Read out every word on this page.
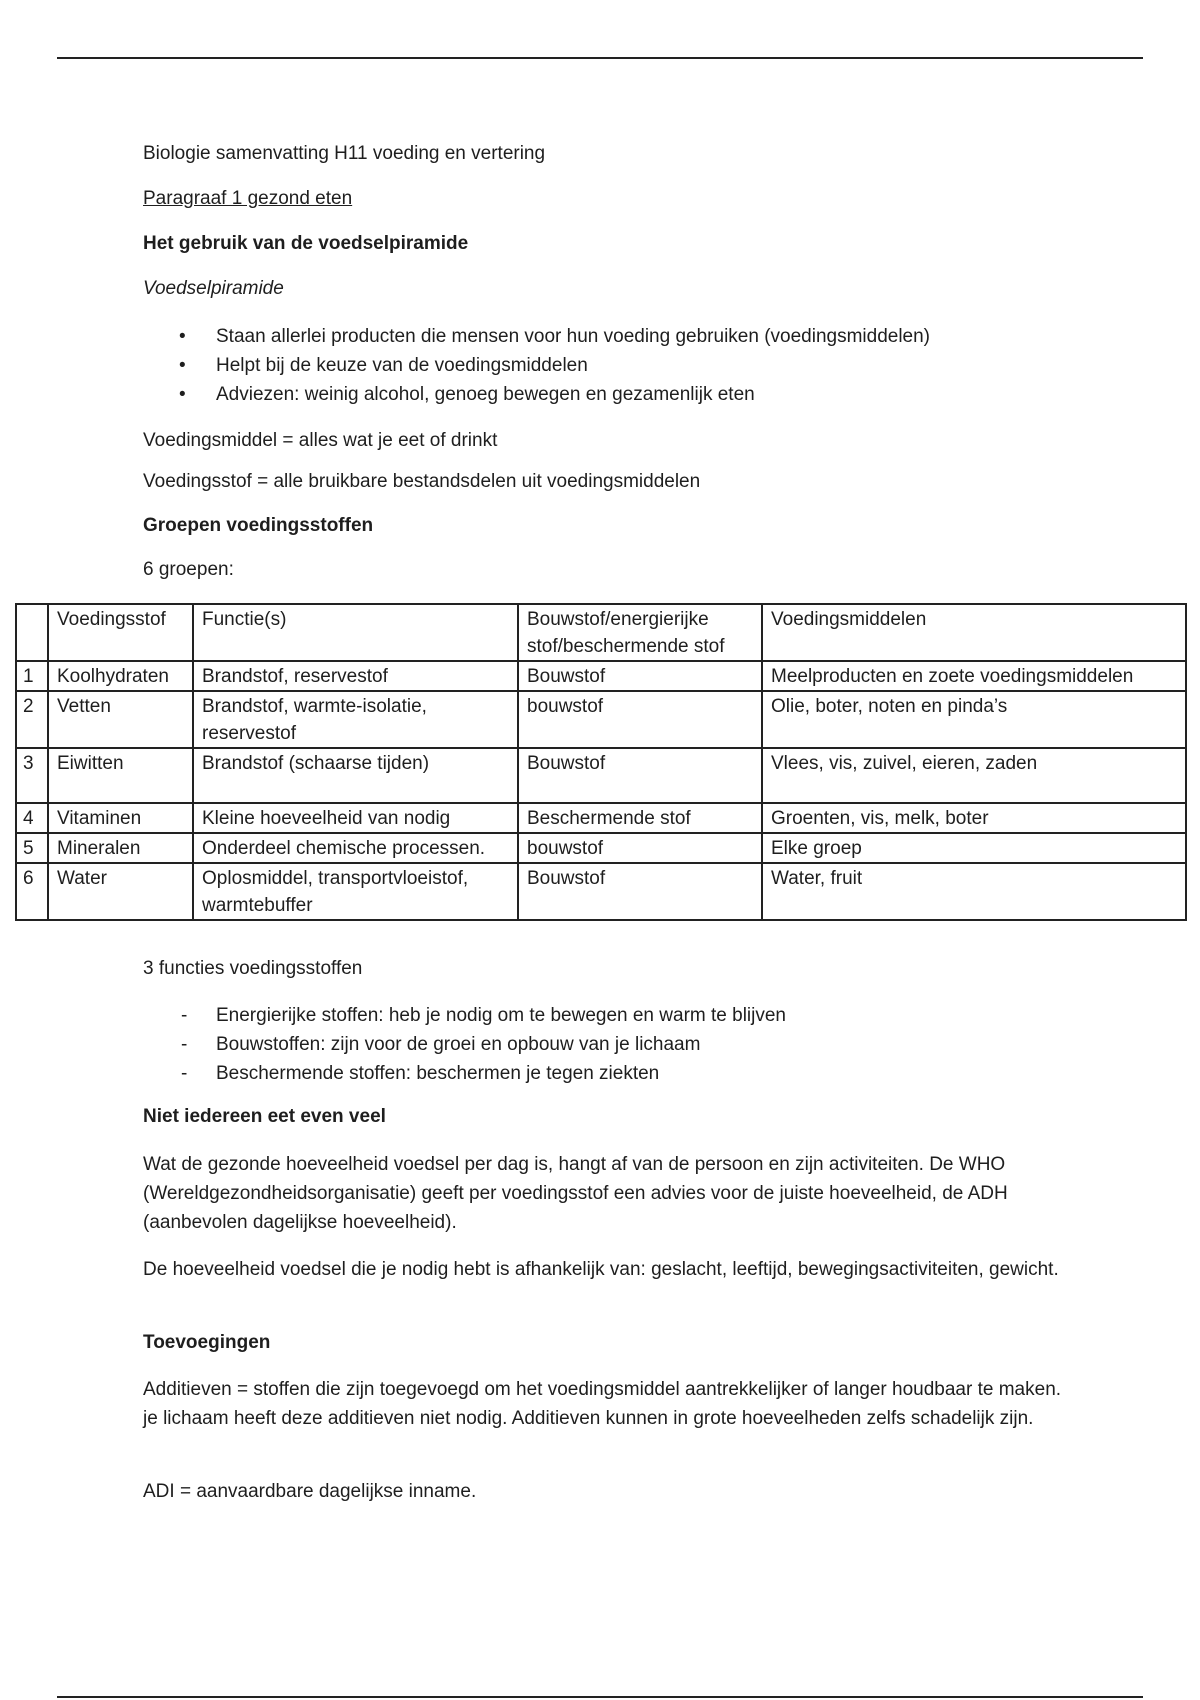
Biologie samenvatting H11 voeding en vertering

Paragraaf 1 gezond eten

Het gebruik van de voedselpiramide

Voedselpiramide

• Staan allerlei producten die mensen voor hun voeding gebruiken (voedingsmiddelen)
• Helpt bij de keuze van de voedingsmiddelen
• Adviezen: weinig alcohol, genoeg bewegen en gezamenlijk eten

Voedingsmiddel = alles wat je eet of drinkt

Voedingsstof = alle bruikbare bestandsdelen uit voedingsmiddelen

Groepen voedingsstoffen

6 groepen:

	Voedingsstof	Functie(s)	Bouwstof/energierijke stof/beschermende stof	Voedingsmiddelen
1	Koolhydraten	Brandstof, reservestof	Bouwstof	Meelproducten en zoete voedingsmiddelen
2	Vetten	Brandstof, warmte-isolatie, reservestof	bouwstof	Olie, boter, noten en pinda’s
3	Eiwitten	Brandstof (schaarse tijden)	Bouwstof	Vlees, vis, zuivel, eieren, zaden
4	Vitaminen	Kleine hoeveelheid van nodig	Beschermende stof	Groenten, vis, melk, boter
5	Mineralen	Onderdeel chemische processen.	bouwstof	Elke groep
6	Water	Oplosmiddel, transportvloeistof, warmtebuffer	Bouwstof	Water, fruit

3 functies voedingsstoffen

- Energierijke stoffen: heb je nodig om te bewegen en warm te blijven
- Bouwstoffen: zijn voor de groei en opbouw van je lichaam
- Beschermende stoffen: beschermen je tegen ziekten

Niet iedereen eet even veel

Wat de gezonde hoeveelheid voedsel per dag is, hangt af van de persoon en zijn activiteiten. De WHO (Wereldgezondheidsorganisatie) geeft per voedingsstof een advies voor de juiste hoeveelheid, de ADH (aanbevolen dagelijkse hoeveelheid).

De hoeveelheid voedsel die je nodig hebt is afhankelijk van: geslacht, leeftijd, bewegingsactiviteiten, gewicht.

Toevoegingen

Additieven = stoffen die zijn toegevoegd om het voedingsmiddel aantrekkelijker of langer houdbaar te maken. je lichaam heeft deze additieven niet nodig. Additieven kunnen in grote hoeveelheden zelfs schadelijk zijn.

ADI = aanvaardbare dagelijkse inname.
